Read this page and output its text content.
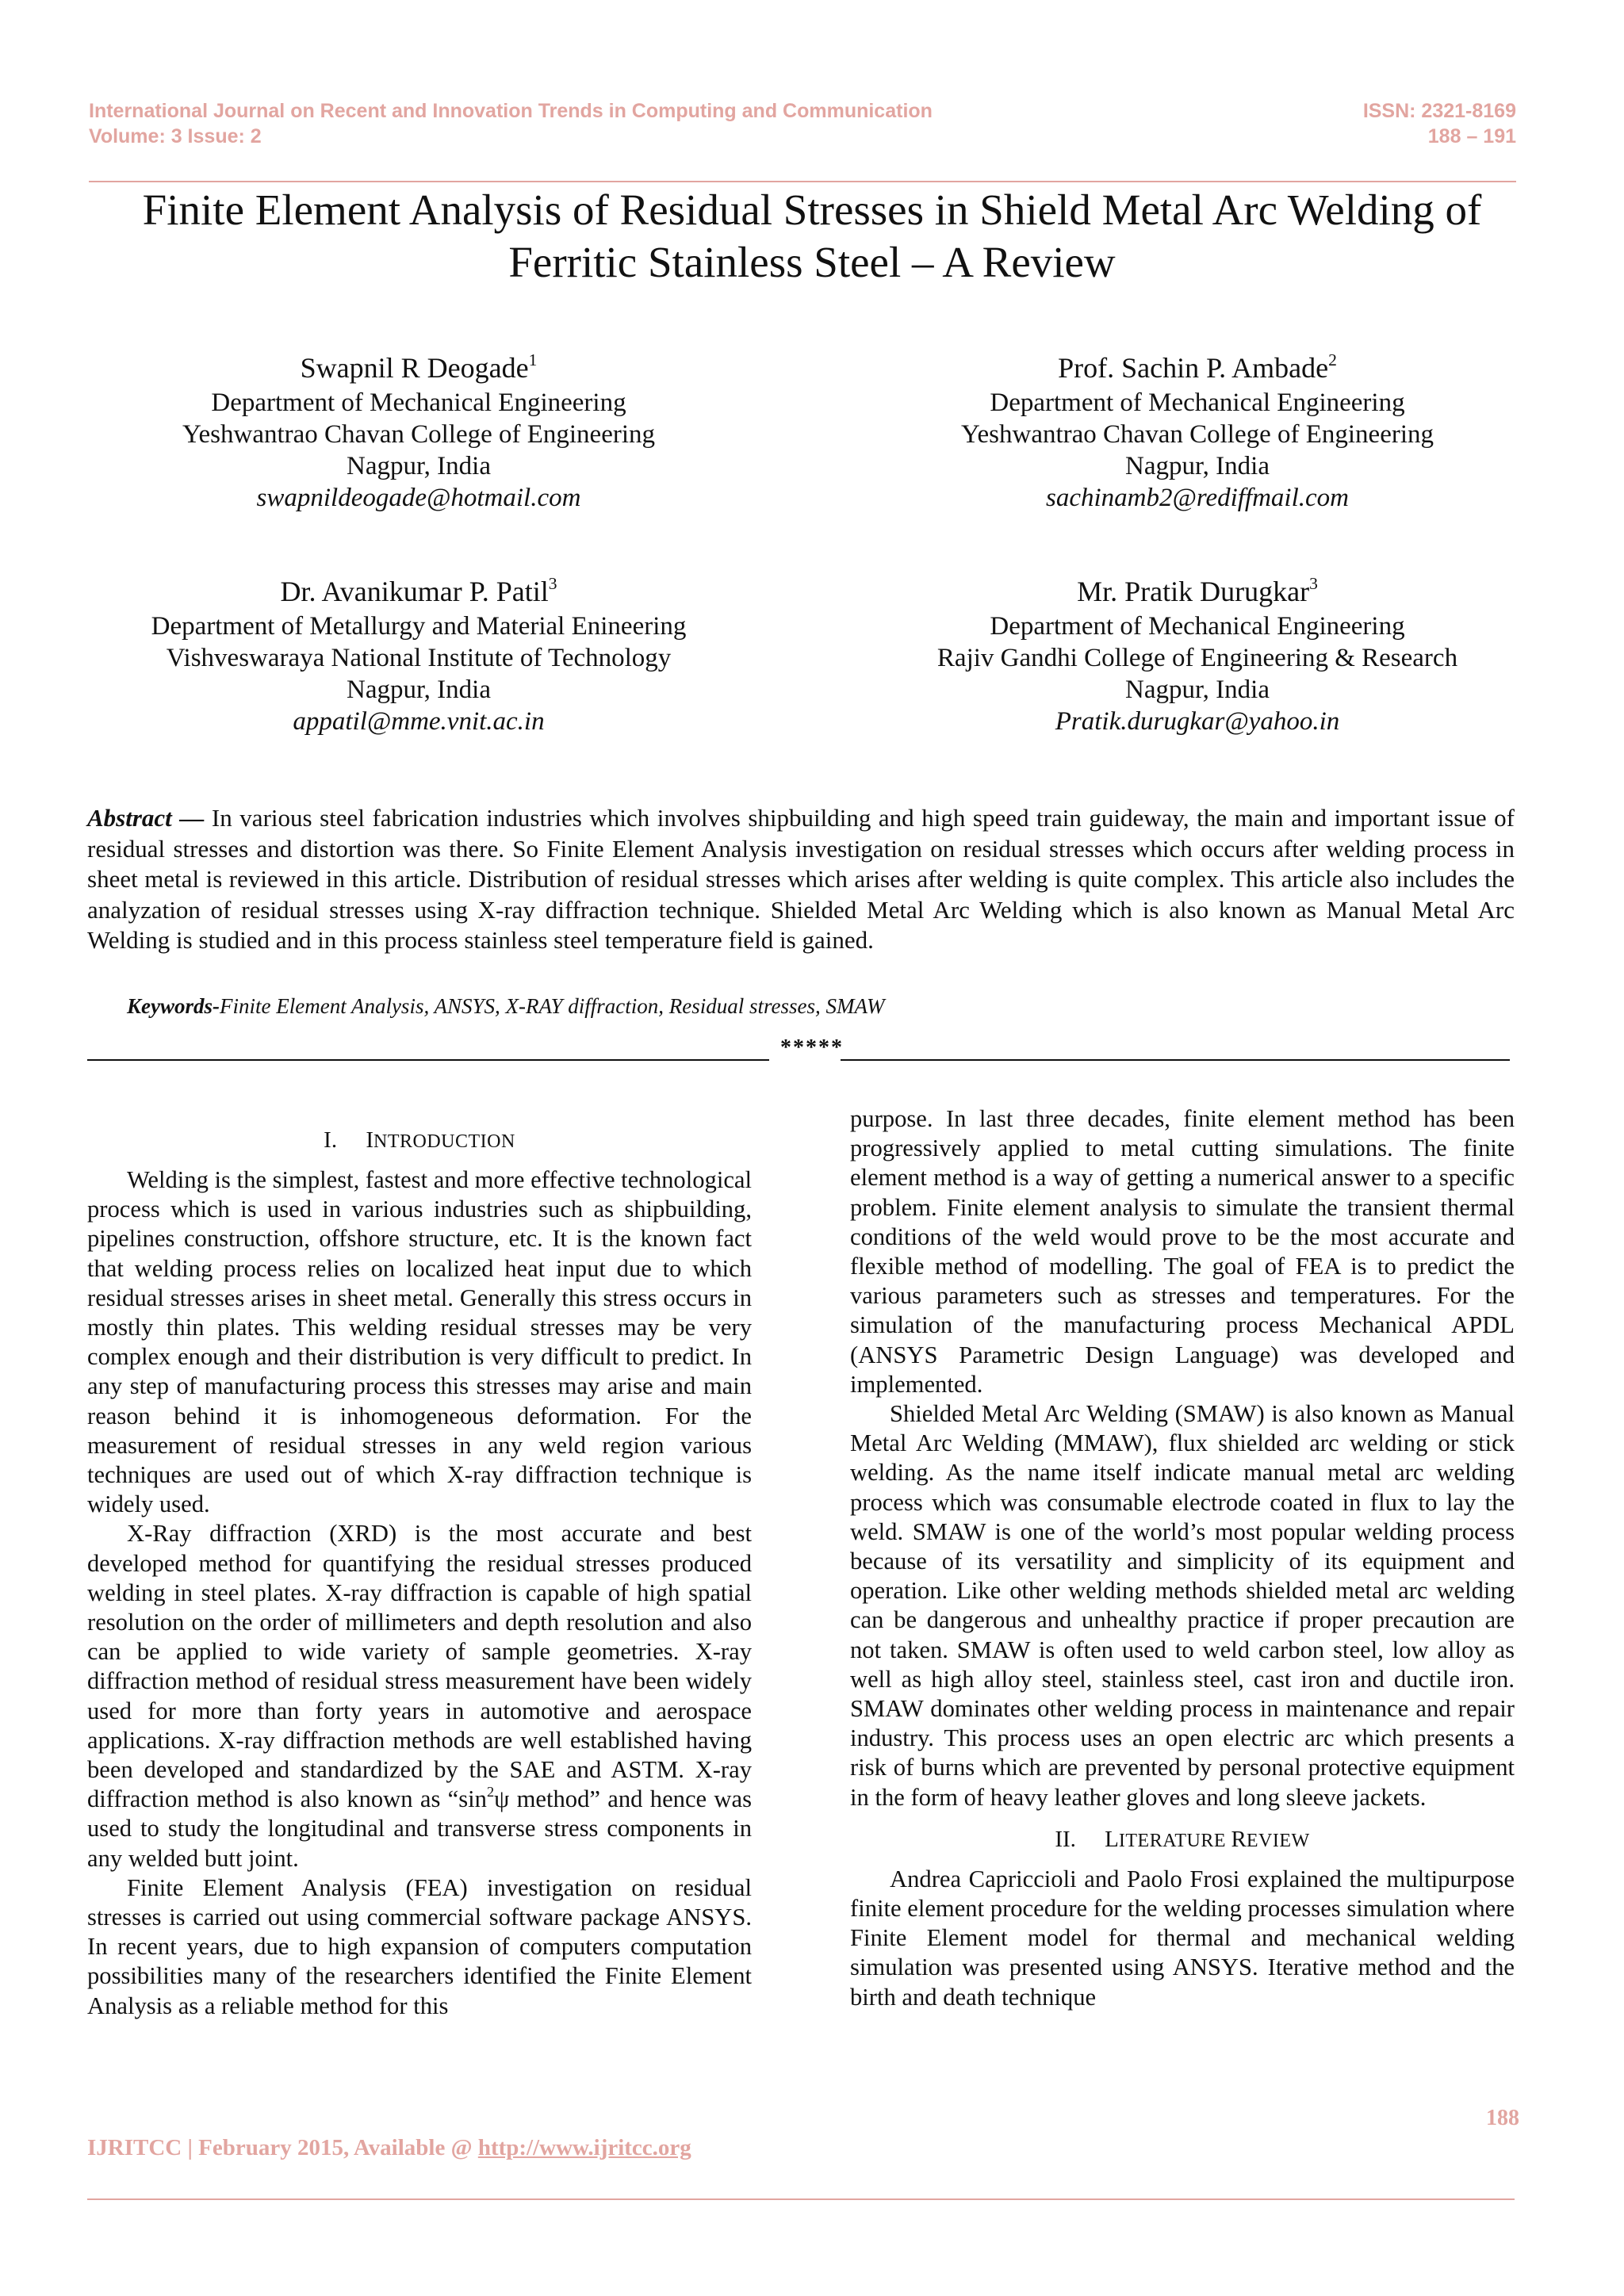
International Journal on Recent and Innovation Trends in Computing and Communication
Volume: 3 Issue: 2
ISSN: 2321-8169
188 – 191
Finite Element Analysis of Residual Stresses in Shield Metal Arc Welding of
Ferritic Stainless Steel – A Review
Swapnil R Deogade$^1$
Department of Mechanical Engineering
Yeshwantrao Chavan College of Engineering
Nagpur, India
swapnildeogade@hotmail.com
Prof. Sachin P. Ambade$^2$
Department of Mechanical Engineering
Yeshwantrao Chavan College of Engineering
Nagpur, India
sachinamb2@rediffmail.com
Dr. Avanikumar P. Patil$^3$
Department of Metallurgy and Material Enineering
Vishveswaraya National Institute of Technology
Nagpur, India
appatil@mme.vnit.ac.in
Mr. Pratik Durugkar$^3$
Department of Mechanical Engineering
Rajiv Gandhi College of Engineering & Research
Nagpur, India
Pratik.durugkar@yahoo.in
Abstract — In various steel fabrication industries which involves shipbuilding and high speed train guideway, the main and important issue of residual stresses and distortion was there. So Finite Element Analysis investigation on residual stresses which occurs after welding process in sheet metal is reviewed in this article. Distribution of residual stresses which arises after welding is quite complex. This article also includes the analyzation of residual stresses using X-ray diffraction technique. Shielded Metal Arc Welding which is also known as Manual Metal Arc Welding is studied and in this process stainless steel temperature field is gained.
Keywords-Finite Element Analysis, ANSYS, X-RAY diffraction, Residual stresses, SMAW
*****
I. INTRODUCTION

Welding is the simplest, fastest and more effective technological process which is used in various industries such as shipbuilding, pipelines construction, offshore structure, etc. It is the known fact that welding process relies on localized heat input due to which residual stresses arises in sheet metal. Generally this stress occurs in mostly thin plates. This welding residual stresses may be very complex enough and their distribution is very difficult to predict. In any step of manufacturing process this stresses may arise and main reason behind it is inhomogeneous deformation. For the measurement of residual stresses in any weld region various techniques are used out of which X-ray diffraction technique is widely used.

X-Ray diffraction (XRD) is the most accurate and best developed method for quantifying the residual stresses produced welding in steel plates. X-ray diffraction is capable of high spatial resolution on the order of millimeters and depth resolution and also can be applied to wide variety of sample geometries. X-ray diffraction method of residual stress measurement have been widely used for more than forty years in automotive and aerospace applications. X-ray diffraction methods are well established having been developed and standardized by the SAE and ASTM. X-ray diffraction method is also known as “$\sin^2\psi$ method” and hence was used to study the longitudinal and transverse stress components in any welded butt joint.

Finite Element Analysis (FEA) investigation on residual stresses is carried out using commercial software package ANSYS. In recent years, due to high expansion of computers computation possibilities many of the researchers identified the Finite Element Analysis as a reliable method for this

purpose. In last three decades, finite element method has been progressively applied to metal cutting simulations. The finite element method is a way of getting a numerical answer to a specific problem. Finite element analysis to simulate the transient thermal conditions of the weld would prove to be the most accurate and flexible method of modelling. The goal of FEA is to predict the various parameters such as stresses and temperatures. For the simulation of the manufacturing process Mechanical APDL (ANSYS Parametric Design Language) was developed and implemented.

Shielded Metal Arc Welding (SMAW) is also known as Manual Metal Arc Welding (MMAW), flux shielded arc welding or stick welding. As the name itself indicate manual metal arc welding process which was consumable electrode coated in flux to lay the weld. SMAW is one of the world’s most popular welding process because of its versatility and simplicity of its equipment and operation. Like other welding methods shielded metal arc welding can be dangerous and unhealthy practice if proper precaution are not taken. SMAW is often used to weld carbon steel, low alloy as well as high alloy steel, stainless steel, cast iron and ductile iron. SMAW dominates other welding process in maintenance and repair industry. This process uses an open electric arc which presents a risk of burns which are prevented by personal protective equipment in the form of heavy leather gloves and long sleeve jackets.

II. LITERATURE REVIEW

Andrea Capriccioli and Paolo Frosi explained the multipurpose finite element procedure for the welding processes simulation where Finite Element model for thermal and mechanical welding simulation was presented using ANSYS. Iterative method and the birth and death technique

188
IJRITCC | February 2015, Available @ http://www.ijritcc.org
